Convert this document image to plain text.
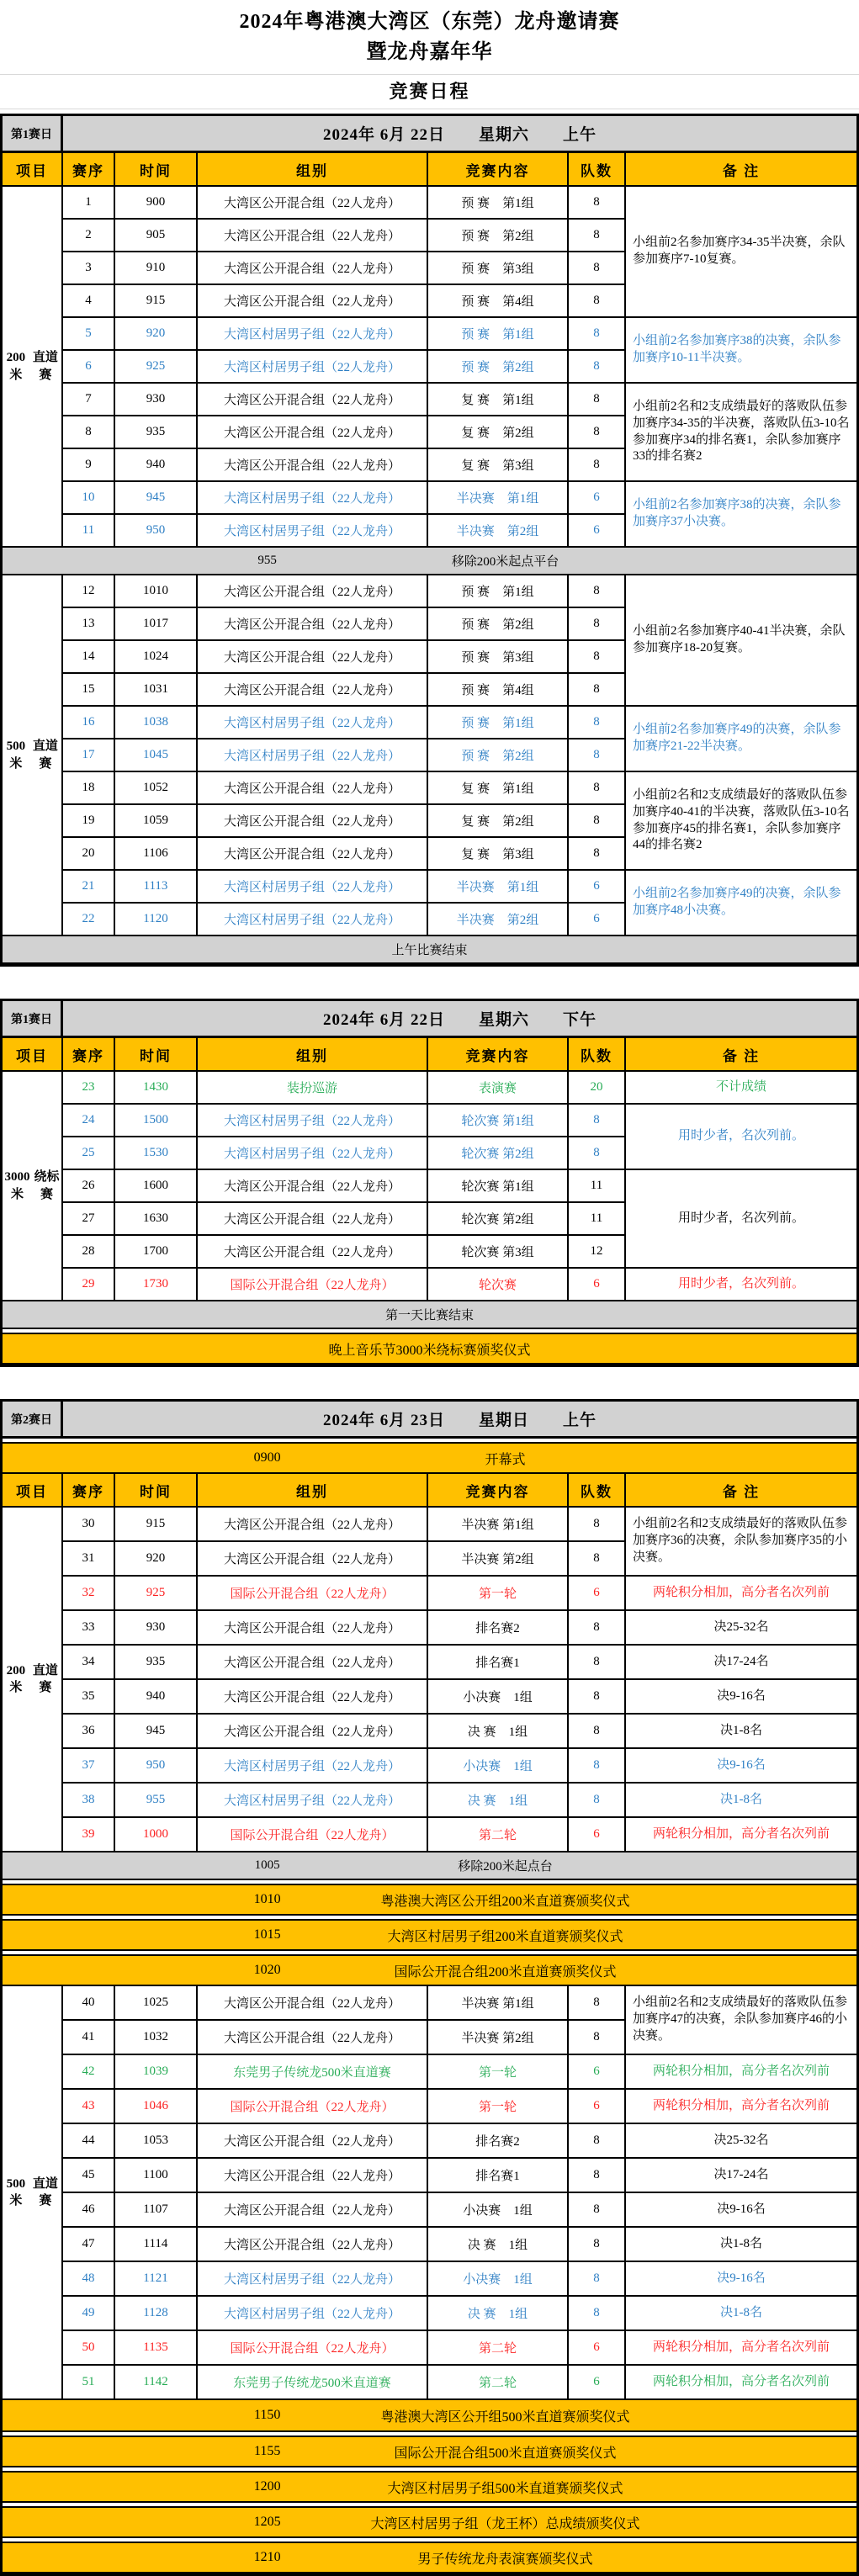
2024年粤港澳大湾区（东莞）龙舟邀请赛
暨龙舟嘉年华
竞赛日程
第1赛日	2024年 6月 22日　　星期六　　上午
项目	赛序	时间	组别	竞赛内容	队数	备 注
200米
直道赛
1	900	大湾区公开混合组（22人龙舟）	预 赛　第1组	8
2	905	大湾区公开混合组（22人龙舟）	预 赛　第2组	8
3	910	大湾区公开混合组（22人龙舟）	预 赛　第3组	8
4	915	大湾区公开混合组（22人龙舟）	预 赛　第4组	8
小组前2名参加赛序34-35半决赛，余队参加赛序7-10复赛。
5	920	大湾区村居男子组（22人龙舟）	预 赛　第1组	8
6	925	大湾区村居男子组（22人龙舟）	预 赛　第2组	8
小组前2名参加赛序38的决赛，余队参加赛序10-11半决赛。
7	930	大湾区公开混合组（22人龙舟）	复 赛　第1组	8
8	935	大湾区公开混合组（22人龙舟）	复 赛　第2组	8
9	940	大湾区公开混合组（22人龙舟）	复 赛　第3组	8
小组前2名和2支成绩最好的落败队伍参加赛序34-35的半决赛，落败队伍3-10名参加赛序34的排名赛1，余队参加赛序33的排名赛2
10	945	大湾区村居男子组（22人龙舟）	半决赛　第1组	6
11	950	大湾区村居男子组（22人龙舟）	半决赛　第2组	6
小组前2名参加赛序38的决赛，余队参加赛序37小决赛。
955	移除200米起点平台
500米
直道赛
12	1010	大湾区公开混合组（22人龙舟）	预 赛　第1组	8
13	1017	大湾区公开混合组（22人龙舟）	预 赛　第2组	8
14	1024	大湾区公开混合组（22人龙舟）	预 赛　第3组	8
15	1031	大湾区公开混合组（22人龙舟）	预 赛　第4组	8
小组前2名参加赛序40-41半决赛，余队参加赛序18-20复赛。
16	1038	大湾区村居男子组（22人龙舟）	预 赛　第1组	8
17	1045	大湾区村居男子组（22人龙舟）	预 赛　第2组	8
小组前2名参加赛序49的决赛，余队参加赛序21-22半决赛。
18	1052	大湾区公开混合组（22人龙舟）	复 赛　第1组	8
19	1059	大湾区公开混合组（22人龙舟）	复 赛　第2组	8
20	1106	大湾区公开混合组（22人龙舟）	复 赛　第3组	8
小组前2名和2支成绩最好的落败队伍参加赛序40-41的半决赛，落败队伍3-10名参加赛序45的排名赛1，余队参加赛序44的排名赛2
21	1113	大湾区村居男子组（22人龙舟）	半决赛　第1组	6
22	1120	大湾区村居男子组（22人龙舟）	半决赛　第2组	6
小组前2名参加赛序49的决赛，余队参加赛序48小决赛。
上午比赛结束
第1赛日	2024年 6月 22日　　星期六　　下午
项目	赛序	时间	组别	竞赛内容	队数	备 注
3000米
绕标赛
23	1430	装扮巡游	表演赛	20	不计成绩
24	1500	大湾区村居男子组（22人龙舟）	轮次赛 第1组	8
25	1530	大湾区村居男子组（22人龙舟）	轮次赛 第2组	8
用时少者，名次列前。
26	1600	大湾区公开混合组（22人龙舟）	轮次赛 第1组	11
27	1630	大湾区公开混合组（22人龙舟）	轮次赛 第2组	11
28	1700	大湾区公开混合组（22人龙舟）	轮次赛 第3组	12
用时少者，名次列前。
29	1730	国际公开混合组（22人龙舟）	轮次赛	6	用时少者，名次列前。
第一天比赛结束
晚上音乐节3000米绕标赛颁奖仪式
第2赛日	2024年 6月 23日　　星期日　　上午
0900	开幕式
项目	赛序	时间	组别	竞赛内容	队数	备 注
200米
直道赛
30	915	大湾区公开混合组（22人龙舟）	半决赛 第1组	8
31	920	大湾区公开混合组（22人龙舟）	半决赛 第2组	8
小组前2名和2支成绩最好的落败队伍参加赛序36的决赛，余队参加赛序35的小决赛。
32	925	国际公开混合组（22人龙舟）	第一轮	6	两轮积分相加，高分者名次列前
33	930	大湾区公开混合组（22人龙舟）	排名赛2	8	决25-32名
34	935	大湾区公开混合组（22人龙舟）	排名赛1	8	决17-24名
35	940	大湾区公开混合组（22人龙舟）	小决赛　1组	8	决9-16名
36	945	大湾区公开混合组（22人龙舟）	决 赛　1组	8	决1-8名
37	950	大湾区村居男子组（22人龙舟）	小决赛　1组	8	决9-16名
38	955	大湾区村居男子组（22人龙舟）	决 赛　1组	8	决1-8名
39	1000	国际公开混合组（22人龙舟）	第二轮	6	两轮积分相加，高分者名次列前
1005	移除200米起点台
1010	粤港澳大湾区公开组200米直道赛颁奖仪式
1015	大湾区村居男子组200米直道赛颁奖仪式
1020	国际公开混合组200米直道赛颁奖仪式
500米
直道赛
40	1025	大湾区公开混合组（22人龙舟）	半决赛 第1组	8
41	1032	大湾区公开混合组（22人龙舟）	半决赛 第2组	8
小组前2名和2支成绩最好的落败队伍参加赛序47的决赛，余队参加赛序46的小决赛。
42	1039	东莞男子传统龙500米直道赛	第一轮	6	两轮积分相加，高分者名次列前
43	1046	国际公开混合组（22人龙舟）	第一轮	6	两轮积分相加，高分者名次列前
44	1053	大湾区公开混合组（22人龙舟）	排名赛2	8	决25-32名
45	1100	大湾区公开混合组（22人龙舟）	排名赛1	8	决17-24名
46	1107	大湾区公开混合组（22人龙舟）	小决赛　1组	8	决9-16名
47	1114	大湾区公开混合组（22人龙舟）	决 赛　1组	8	决1-8名
48	1121	大湾区村居男子组（22人龙舟）	小决赛　1组	8	决9-16名
49	1128	大湾区村居男子组（22人龙舟）	决 赛　1组	8	决1-8名
50	1135	国际公开混合组（22人龙舟）	第二轮	6	两轮积分相加，高分者名次列前
51	1142	东莞男子传统龙500米直道赛	第二轮	6	两轮积分相加，高分者名次列前
1150	粤港澳大湾区公开组500米直道赛颁奖仪式
1155	国际公开混合组500米直道赛颁奖仪式
1200	大湾区村居男子组500米直道赛颁奖仪式
1205	大湾区村居男子组（龙王杯）总成绩颁奖仪式
1210	男子传统龙舟表演赛颁奖仪式
